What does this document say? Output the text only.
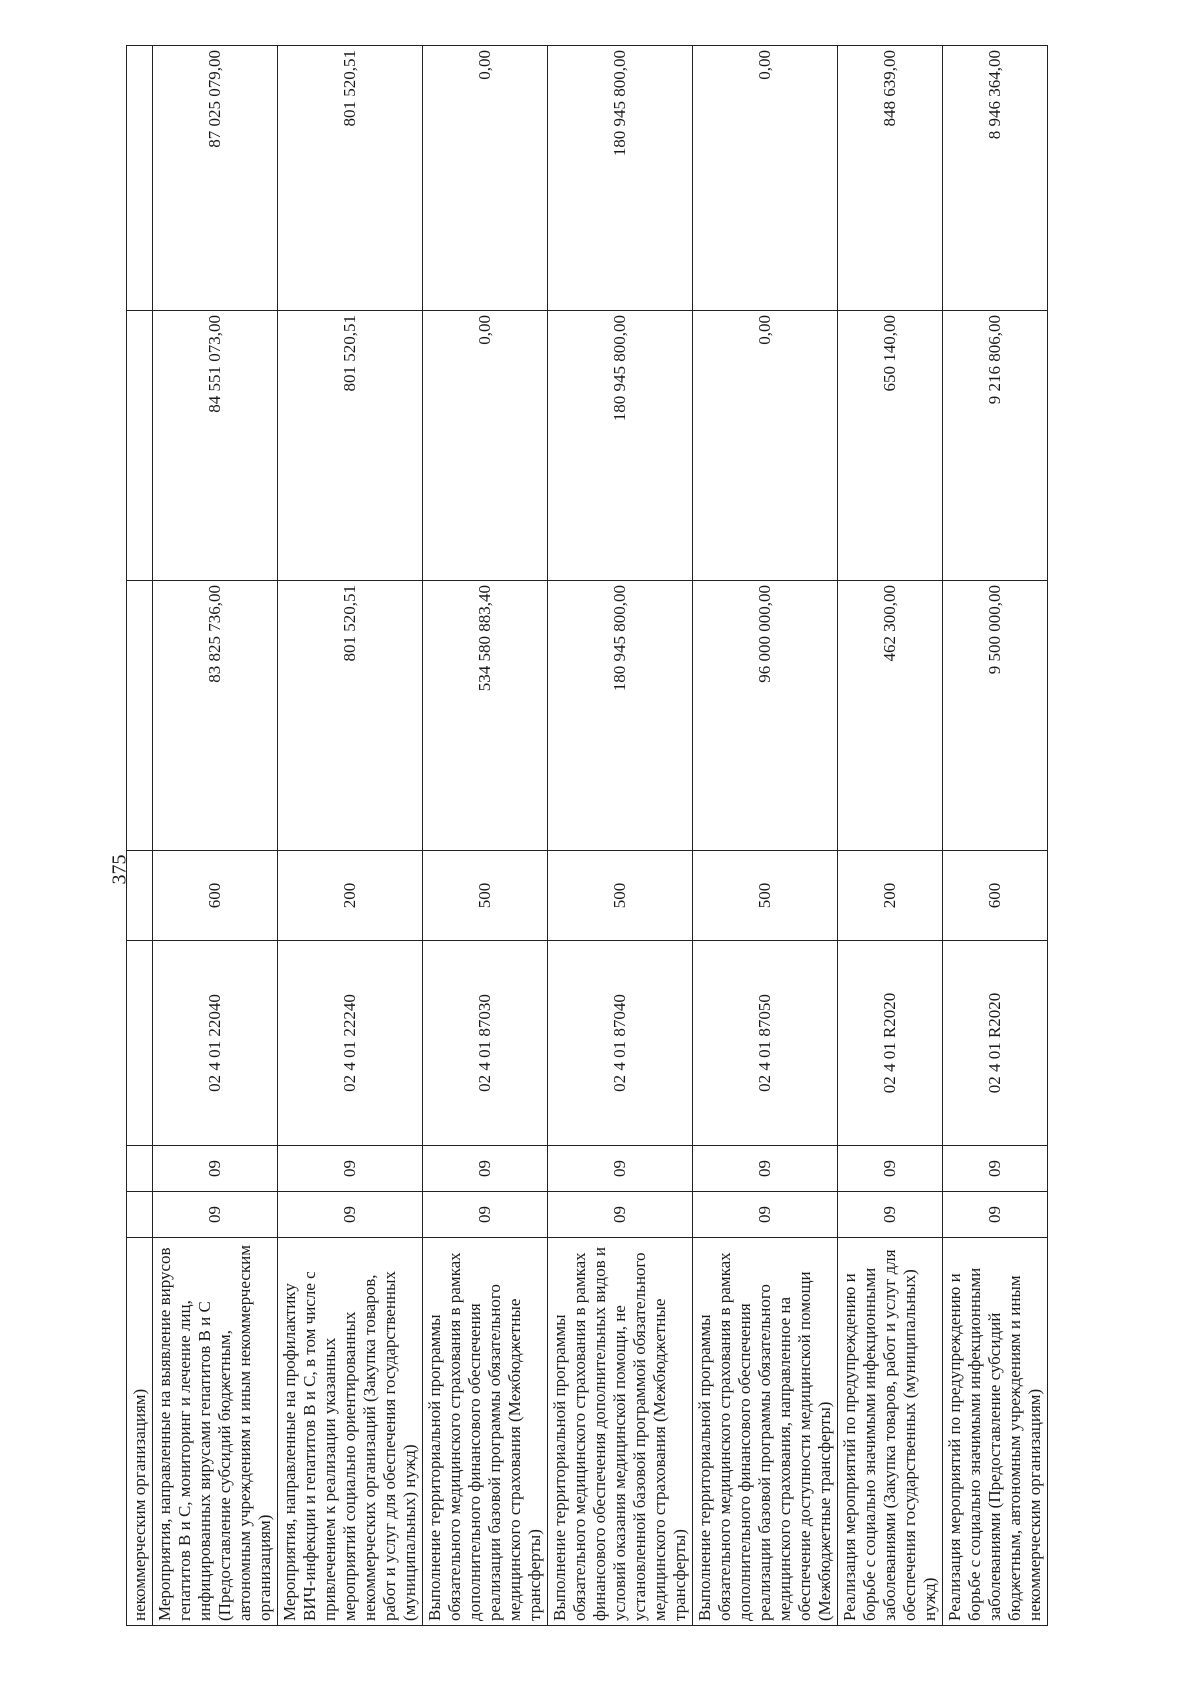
375
некоммерческим организациям)							
Мероприятия, направленные на выявление вирусов гепатитов В и С, мониторинг и лечение лиц, инфицированных вирусами гепатитов В и С (Предоставление субсидий бюджетным, автономным учреждениям и иным некоммерческим организациям)	09	09	02 4 01 22040	600	83 825 736,00	84 551 073,00	87 025 079,00
Мероприятия, направленные на профилактику ВИЧ-инфекции и гепатитов В и С, в том числе с привлечением к реализации указанных мероприятий социально ориентированных некоммерческих организаций (Закупка товаров, работ и услуг для обеспечения государственных (муниципальных) нужд)	09	09	02 4 01 22240	200	801 520,51	801 520,51	801 520,51
Выполнение территориальной программы обязательного медицинского страхования в рамках дополнительного финансового обеспечения реализации базовой программы обязательного медицинского страхования (Межбюджетные трансферты)	09	09	02 4 01 87030	500	534 580 883,40	0,00	0,00
Выполнение территориальной программы обязательного медицинского страхования в рамках финансового обеспечения дополнительных видов и условий оказания медицинской помощи, не установленной базовой программой обязательного медицинского страхования (Межбюджетные трансферты)	09	09	02 4 01 87040	500	180 945 800,00	180 945 800,00	180 945 800,00
Выполнение территориальной программы обязательного медицинского страхования в рамках дополнительного финансового обеспечения реализации базовой программы обязательного медицинского страхования, направленное на обеспечение доступности медицинской помощи (Межбюджетные трансферты)	09	09	02 4 01 87050	500	96 000 000,00	0,00	0,00
Реализация мероприятий по предупреждению и борьбе с социально значимыми инфекционными заболеваниями (Закупка товаров, работ и услуг для обеспечения государственных (муниципальных) нужд)	09	09	02 4 01 R2020	200	462 300,00	650 140,00	848 639,00
Реализация мероприятий по предупреждению и борьбе с социально значимыми инфекционными заболеваниями (Предоставление субсидий бюджетным, автономным учреждениям и иным некоммерческим организациям)	09	09	02 4 01 R2020	600	9 500 000,00	9 216 806,00	8 946 364,00
